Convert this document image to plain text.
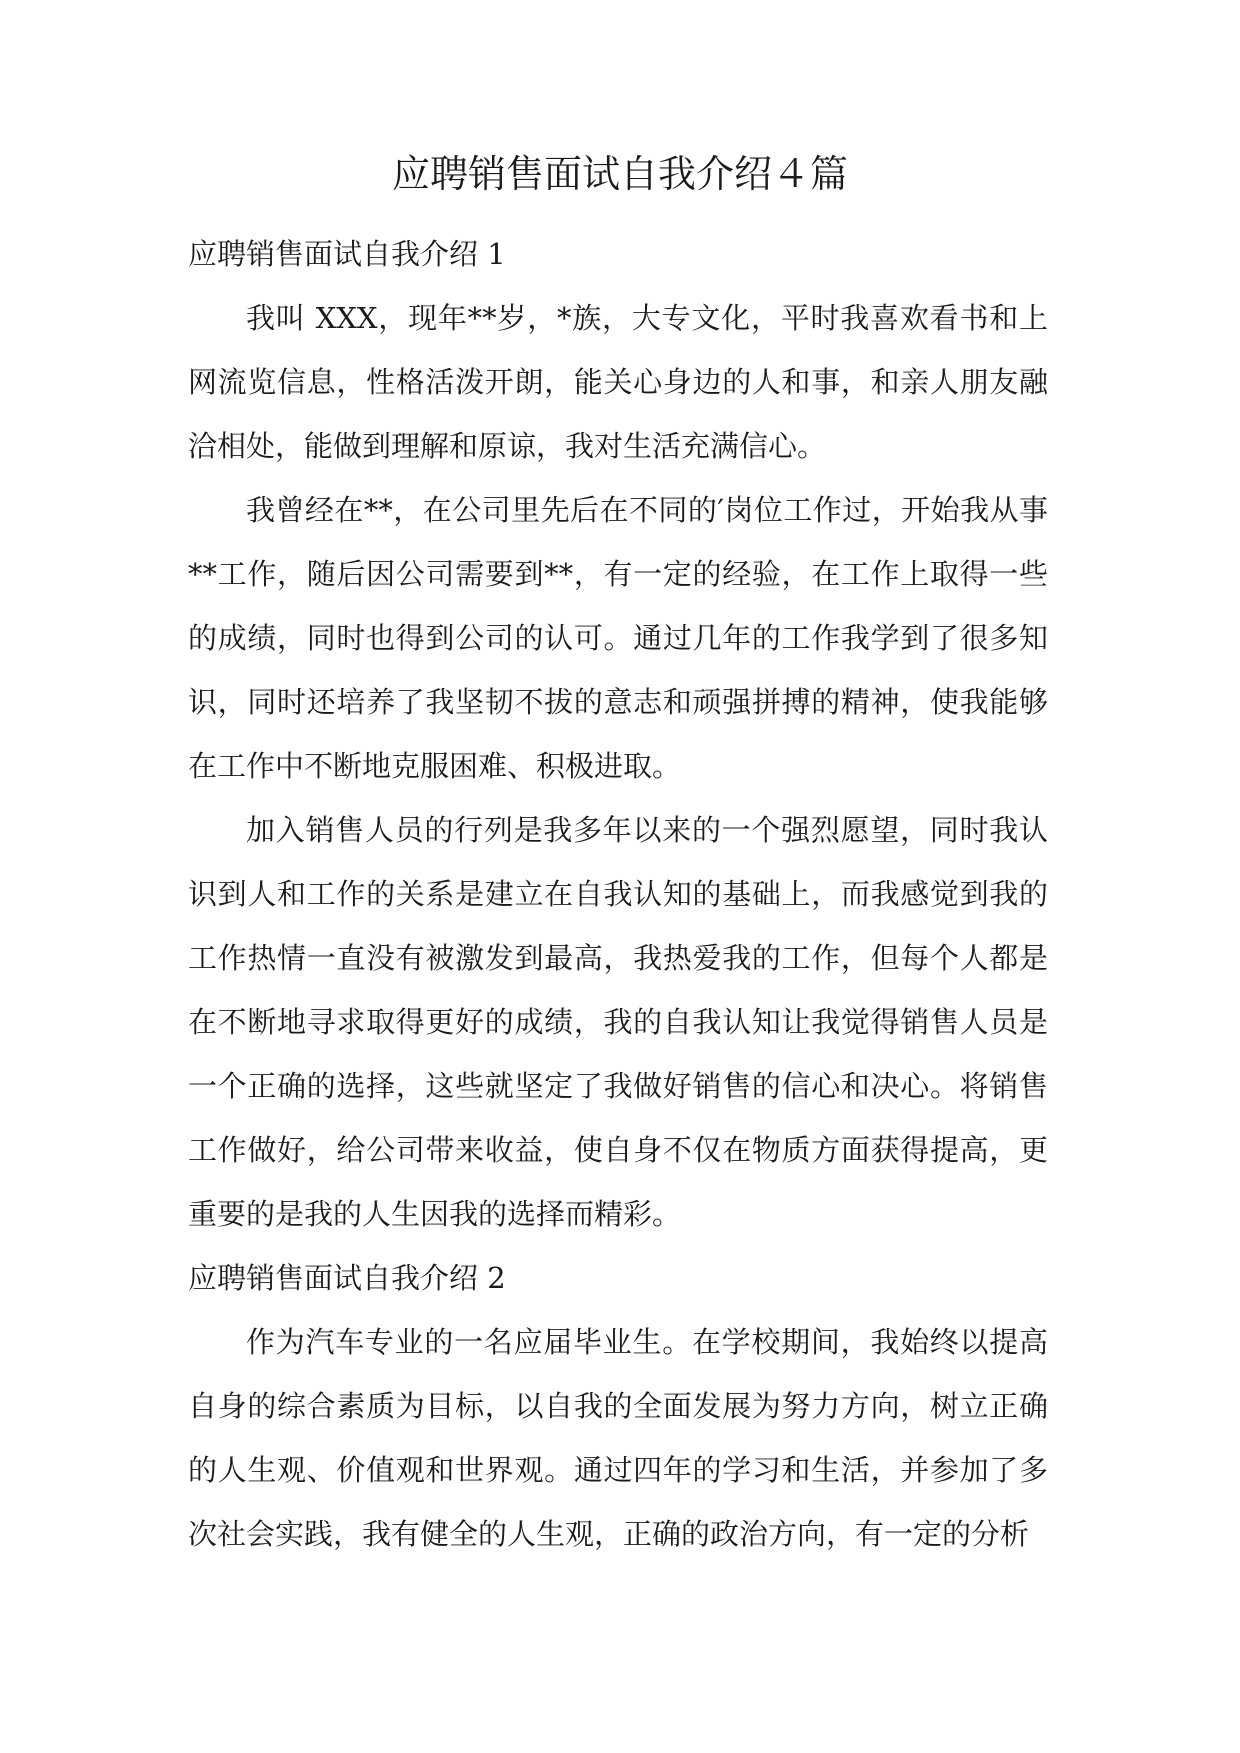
应聘销售面试自我介绍４篇
应聘销售面试自我介绍 1

我叫 XXX，现年**岁，*族，大专文化，平时我喜欢看书和上网流览信息，性格活泼开朗，能关心身边的人和事，和亲人朋友融洽相处，能做到理解和原谅，我对生活充满信心。

我曾经在**，在公司里先后在不同的′岗位工作过，开始我从事**工作，随后因公司需要到**，有一定的经验，在工作上取得一些的成绩，同时也得到公司的认可。通过几年的工作我学到了很多知识，同时还培养了我坚韧不拔的意志和顽强拼搏的精神，使我能够在工作中不断地克服困难、积极进取。

加入销售人员的行列是我多年以来的一个强烈愿望，同时我认识到人和工作的关系是建立在自我认知的基础上，而我感觉到我的工作热情一直没有被激发到最高，我热爱我的工作，但每个人都是在不断地寻求取得更好的成绩，我的自我认知让我觉得销售人员是一个正确的选择，这些就坚定了我做好销售的信心和决心。将销售工作做好，给公司带来收益，使自身不仅在物质方面获得提高，更重要的是我的人生因我的选择而精彩。

应聘销售面试自我介绍 2

作为汽车专业的一名应届毕业生。在学校期间，我始终以提高自身的综合素质为目标，以自我的全面发展为努力方向，树立正确的人生观、价值观和世界观。通过四年的学习和生活，并参加了多次社会实践，我有健全的人生观，正确的政治方向，有一定的分析
